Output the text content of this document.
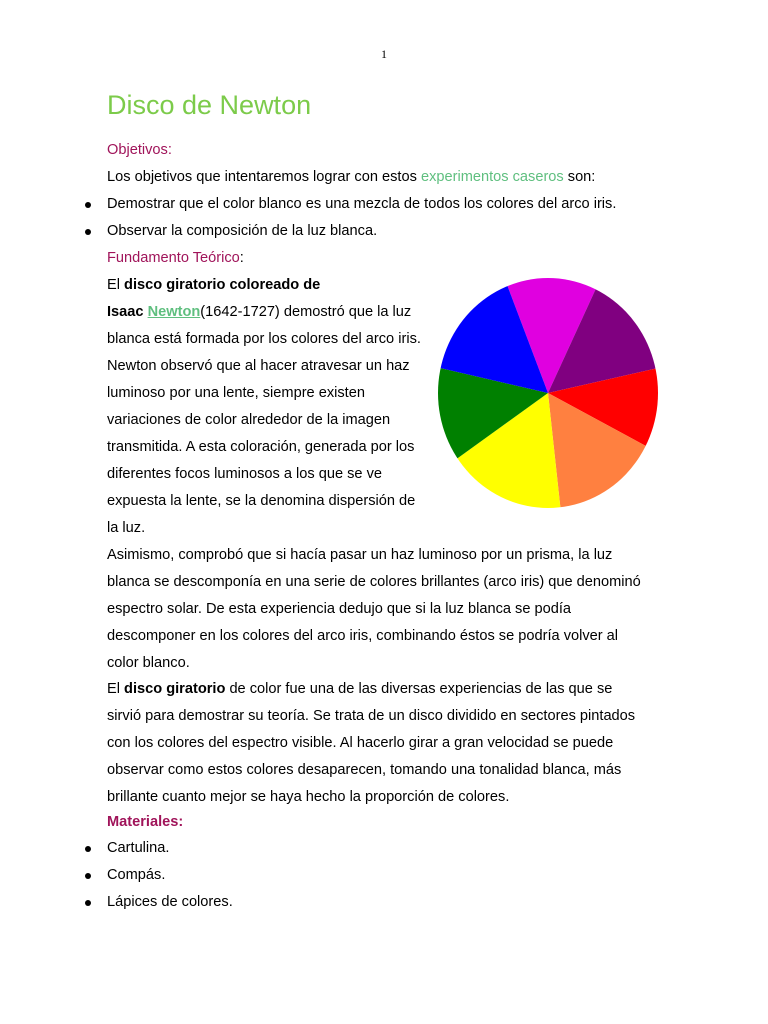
1
Disco de Newton
Objetivos:
Los objetivos que intentaremos lograr con estos experimentos caseros son:
Demostrar que el color blanco es una mezcla de todos los colores del arco iris.
Observar la composición de la luz blanca.
Fundamento Teórico:
El disco giratorio coloreado de
Isaac Newton(1642-1727) demostró que la luz
blanca está formada por los colores del arco iris.
Newton observó que al hacer atravesar un haz
luminoso por una lente, siempre existen
variaciones de color alrededor de la imagen
transmitida. A esta coloración, generada por los
diferentes focos luminosos a los que se ve
expuesta la lente, se la denomina dispersión de
la luz.
Asimismo, comprobó que si hacía pasar un haz luminoso por un prisma, la luz
blanca se descomponía en una serie de colores brillantes (arco iris) que denominó
espectro solar. De esta experiencia dedujo que si la luz blanca se podía
descomponer en los colores del arco iris, combinando éstos se podría volver al
color blanco.
El disco giratorio de color fue una de las diversas experiencias de las que se
sirvió para demostrar su teoría. Se trata de un disco dividido en sectores pintados
con los colores del espectro visible. Al hacerlo girar a gran velocidad se puede
observar como estos colores desaparecen, tomando una tonalidad blanca, más
brillante cuanto mejor se haya hecho la proporción de colores.
Materiales:
Cartulina.
Compás.
Lápices de colores.
